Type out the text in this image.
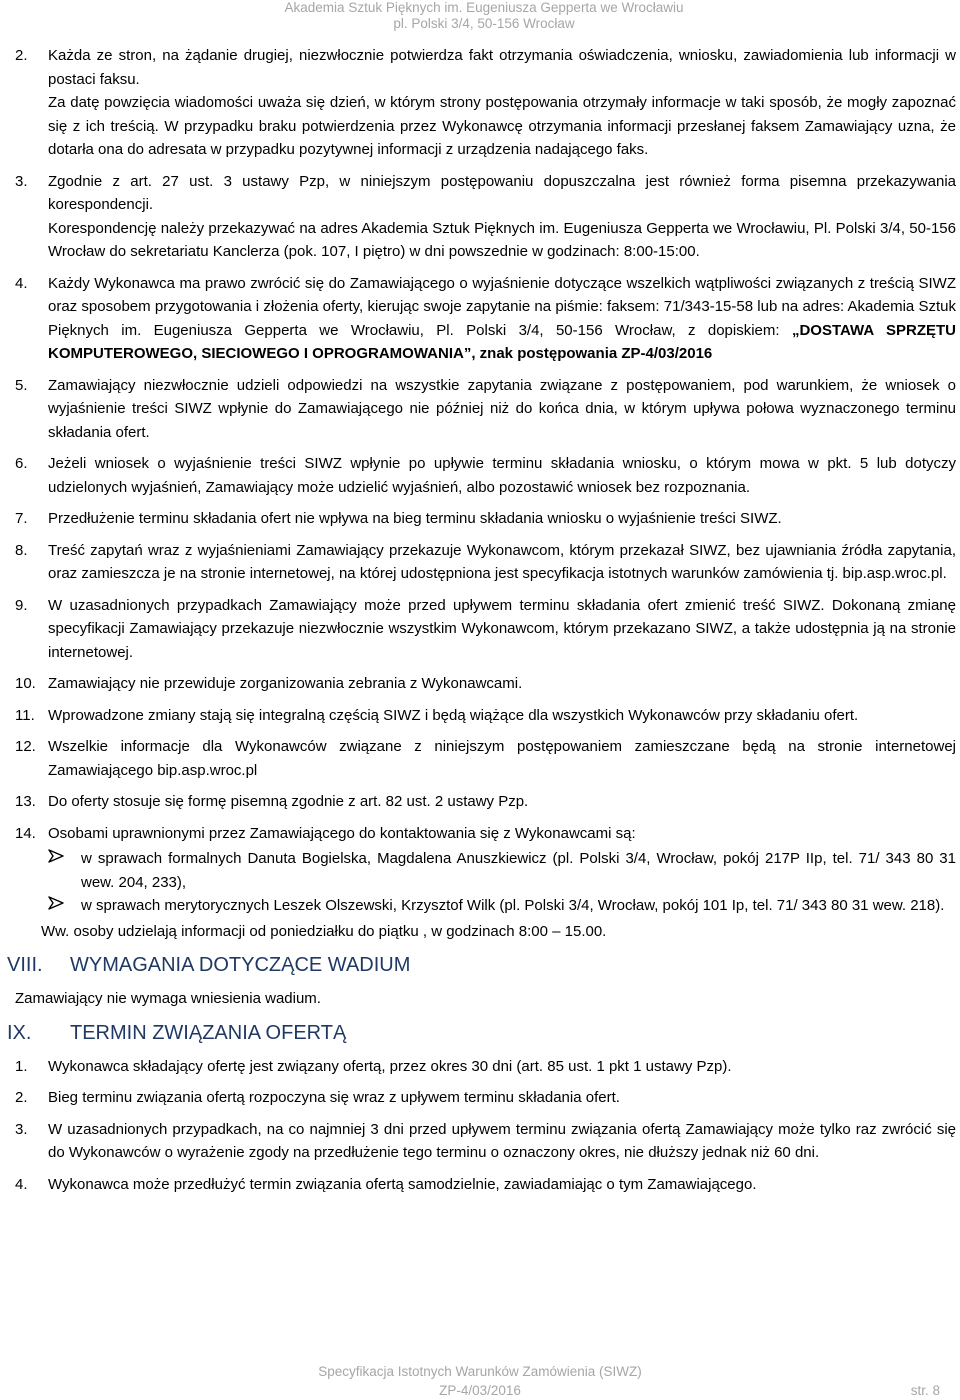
Akademia Sztuk Pięknych im. Eugeniusza Gepperta we Wrocławiu
pl. Polski 3/4, 50-156 Wrocław
2. Każda ze stron, na żądanie drugiej, niezwłocznie potwierdza fakt otrzymania oświadczenia, wniosku, zawiadomienia lub informacji w postaci faksu.

Za datę powzięcia wiadomości uważa się dzień, w którym strony postępowania otrzymały informacje w taki sposób, że mogły zapoznać się z ich treścią. W przypadku braku potwierdzenia przez Wykonawcę otrzymania informacji przesłanej faksem Zamawiający uzna, że dotarła ona do adresata w przypadku pozytywnej informacji z urządzenia nadającego faks.

3. Zgodnie z art. 27 ust. 3 ustawy Pzp, w niniejszym postępowaniu dopuszczalna jest również forma pisemna przekazywania korespondencji.

Korespondencję należy przekazywać na adres Akademia Sztuk Pięknych im. Eugeniusza Gepperta we Wrocławiu, Pl. Polski 3/4, 50-156 Wrocław do sekretariatu Kanclerza (pok. 107, I piętro) w dni powszednie w godzinach: 8:00-15:00.

4. Każdy Wykonawca ma prawo zwrócić się do Zamawiającego o wyjaśnienie dotyczące wszelkich wątpliwości związanych z treścią SIWZ oraz sposobem przygotowania i złożenia oferty, kierując swoje zapytanie na piśmie: faksem: 71/343-15-58 lub na adres: Akademia Sztuk Pięknych im. Eugeniusza Gepperta we Wrocławiu, Pl. Polski 3/4, 50-156 Wrocław, z dopiskiem: „DOSTAWA SPRZĘTU KOMPUTEROWEGO, SIECIOWEGO I OPROGRAMOWANIA”, znak postępowania ZP-4/03/2016

5. Zamawiający niezwłocznie udzieli odpowiedzi na wszystkie zapytania związane z postępowaniem, pod warunkiem, że wniosek o wyjaśnienie treści SIWZ wpłynie do Zamawiającego nie później niż do końca dnia, w którym upływa połowa wyznaczonego terminu składania ofert.

6. Jeżeli wniosek o wyjaśnienie treści SIWZ wpłynie po upływie terminu składania wniosku, o którym mowa w pkt. 5 lub dotyczy udzielonych wyjaśnień, Zamawiający może udzielić wyjaśnień, albo pozostawić wniosek bez rozpoznania.

7. Przedłużenie terminu składania ofert nie wpływa na bieg terminu składania wniosku o wyjaśnienie treści SIWZ.

8. Treść zapytań wraz z wyjaśnieniami Zamawiający przekazuje Wykonawcom, którym przekazał SIWZ, bez ujawniania źródła zapytania, oraz zamieszcza je na stronie internetowej, na której udostępniona jest specyfikacja istotnych warunków zamówienia tj. bip.asp.wroc.pl.

9. W uzasadnionych przypadkach Zamawiający może przed upływem terminu składania ofert zmienić treść SIWZ. Dokonaną zmianę specyfikacji Zamawiający przekazuje niezwłocznie wszystkim Wykonawcom, którym przekazano SIWZ, a także udostępnia ją na stronie internetowej.

10. Zamawiający nie przewiduje zorganizowania zebrania z Wykonawcami.

11. Wprowadzone zmiany stają się integralną częścią SIWZ i będą wiążące dla wszystkich Wykonawców przy składaniu ofert.

12. Wszelkie informacje dla Wykonawców związane z niniejszym postępowaniem zamieszczane będą na stronie internetowej Zamawiającego bip.asp.wroc.pl

13. Do oferty stosuje się formę pisemną zgodnie z art. 82 ust. 2 ustawy Pzp.

14. Osobami uprawnionymi przez Zamawiającego do kontaktowania się z Wykonawcami są:

w sprawach formalnych Danuta Bogielska, Magdalena Anuszkiewicz (pl. Polski 3/4, Wrocław, pokój 217P IIp, tel. 71/ 343 80 31 wew. 204, 233),

w sprawach merytorycznych Leszek Olszewski, Krzysztof Wilk (pl. Polski 3/4, Wrocław, pokój 101 Ip, tel. 71/ 343 80 31 wew. 218).

Ww. osoby udzielają informacji od poniedziałku do piątku , w godzinach 8:00 – 15.00.

VIII. WYMAGANIA DOTYCZĄCE WADIUM

Zamawiający nie wymaga wniesienia wadium.

IX. TERMIN ZWIĄZANIA OFERTĄ
1. Wykonawca składający ofertę jest związany ofertą, przez okres 30 dni (art. 85 ust. 1 pkt 1 ustawy Pzp).

2. Bieg terminu związania ofertą rozpoczyna się wraz z upływem terminu składania ofert.

3. W uzasadnionych przypadkach, na co najmniej 3 dni przed upływem terminu związania ofertą Zamawiający może tylko raz zwrócić się do Wykonawców o wyrażenie zgody na przedłużenie tego terminu o oznaczony okres, nie dłuższy jednak niż 60 dni.

4. Wykonawca może przedłużyć termin związania ofertą samodzielnie, zawiadamiając o tym Zamawiającego.

Specyfikacja Istotnych Warunków Zamówienia (SIWZ)
ZP-4/03/2016	str. 8
